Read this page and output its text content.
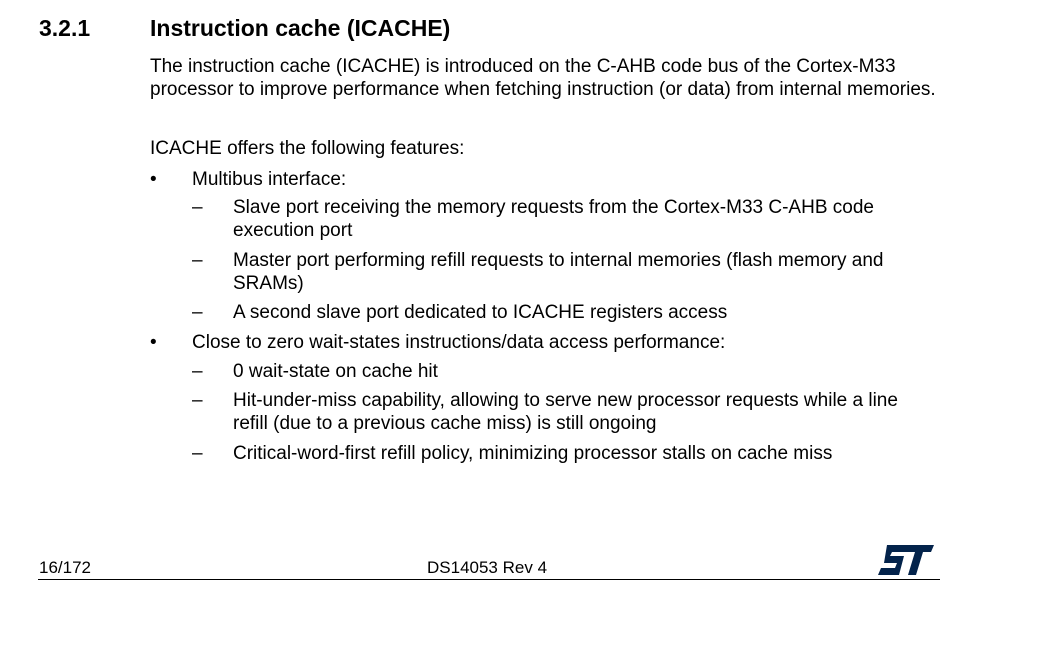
3.2.1	Instruction cache (ICACHE)
The instruction cache (ICACHE) is introduced on the C-AHB code bus of the Cortex-M33 processor to improve performance when fetching instruction (or data) from internal memories.
ICACHE offers the following features:
• Multibus interface:
– Slave port receiving the memory requests from the Cortex-M33 C-AHB code execution port
– Master port performing refill requests to internal memories (flash memory and SRAMs)
– A second slave port dedicated to ICACHE registers access
• Close to zero wait-states instructions/data access performance:
– 0 wait-state on cache hit
– Hit-under-miss capability, allowing to serve new processor requests while a line refill (due to a previous cache miss) is still ongoing
– Critical-word-first refill policy, minimizing processor stalls on cache miss
16/172	DS14053 Rev 4
